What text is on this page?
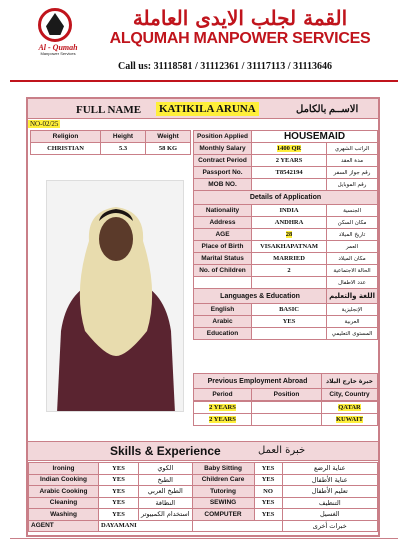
Al - Qumah
Manpower Services
القمة لجلب الايدى العاملة
ALQUMAH MANPOWER SERVICES
Call us: 31118581 / 31112361 / 31117113 / 31113646
FULL NAME KATIKILA ARUNA	الاســم بالكامل
NO-02/25
Religion	Height	Weight
CHRISTIAN	5.3	58 KG
Position Applied	HOUSEMAID	
Monthly Salary	1400 QR	الراتب الشهري
Contract Period	2 YEARS	مدة العقد
Passport No.	T8542194	رقم جواز السفر
MOB NO.		رقم الموبايل
Details of Application		
Nationality	INDIA	الجنسية
Address	ANDHRA	مكان السكن
AGE	28	تاريخ الميلاد
Place of Birth	VISAKHAPATNAM	العمر
Marital Status	MARRIED	مكان الميلاد
No. of Children	2	الحالة الاجتماعية
		عدد الاطفال
Languages & Education		اللغة والتعليم
English	BASIC	الإنجليزية
Arabic	YES	العربية
Education		المستوى التعليمي
Previous Employment Abroad		خبرة خارج البلاد
Period	Position	City, Country
2 YEARS		QATAR
2 YEARS		KUWAIT
Skills & Experience	خبرة العمل
Ironing	YES	الكوي	Baby Sitting	YES	عناية الرضع
Indian Cooking	YES	الطبخ	Children Care	YES	عناية الأطفال
Arabic Cooking	YES	الطبخ العربي	Tutoring	NO	تعليم الأطفال
Cleaning	YES	النظافة	SEWING	YES	التنظيف
Washing	YES	استخدام الكمبيوتر	COMPUTER	YES	الغسيل
AGENT	DAYAMANI				خبرات أخرى
